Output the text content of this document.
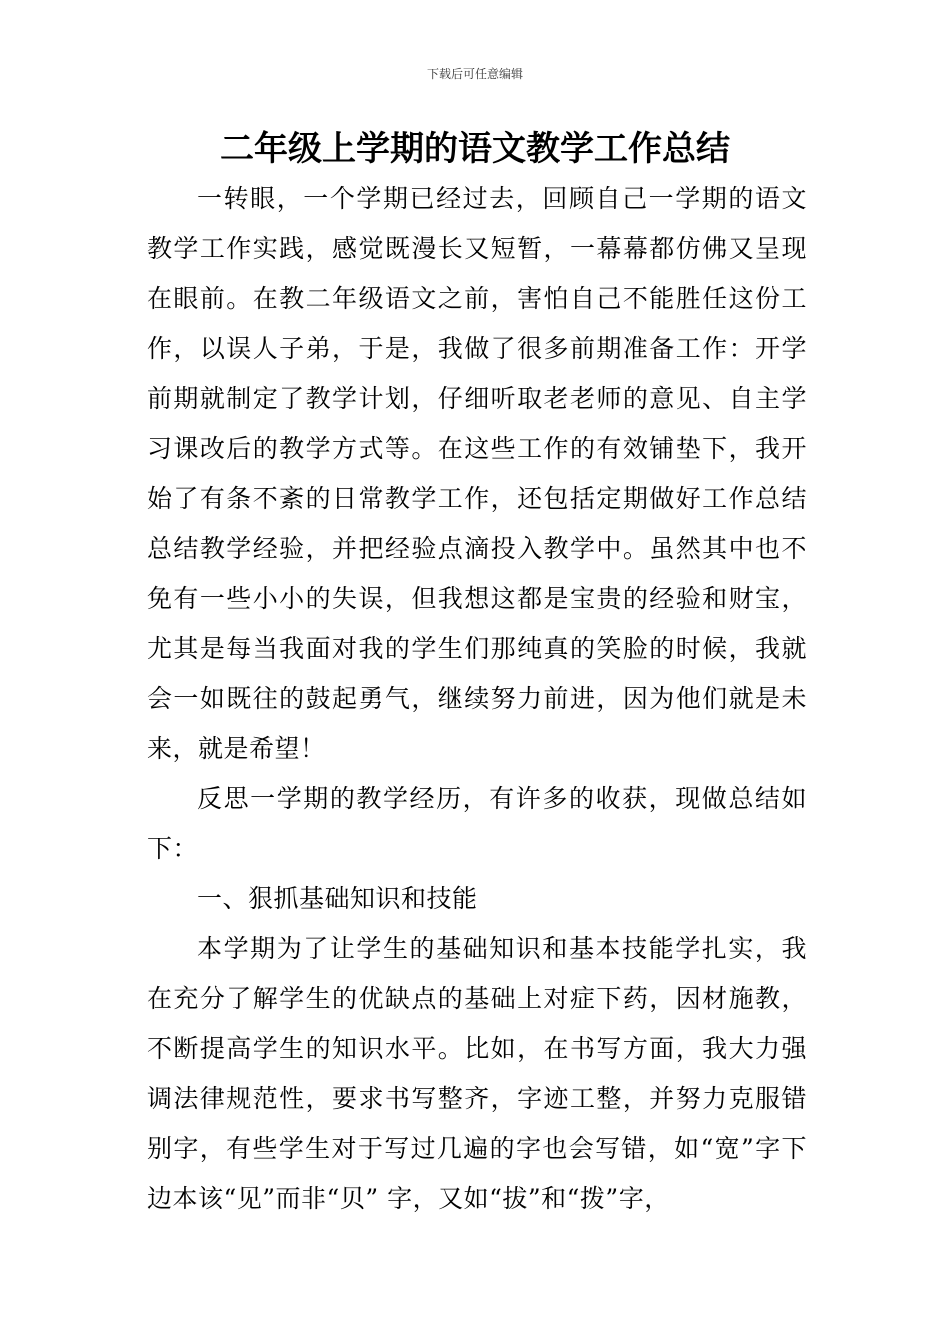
下载后可任意编辑
二年级上学期的语文教学工作总结

一转眼，一个学期已经过去，回顾自己一学期的语文教学工作实践，感觉既漫长又短暂，一幕幕都仿佛又呈现在眼前。在教二年级语文之前，害怕自己不能胜任这份工作，以误人子弟，于是，我做了很多前期准备工作：开学前期就制定了教学计划，仔细听取老老师的意见、自主学习课改后的教学方式等。在这些工作的有效铺垫下，我开始了有条不紊的日常教学工作，还包括定期做好工作总结总结教学经验，并把经验点滴投入教学中。虽然其中也不免有一些小小的失误，但我想这都是宝贵的经验和财宝，尤其是每当我面对我的学生们那纯真的笑脸的时候，我就会一如既往的鼓起勇气，继续努力前进，因为他们就是未来，就是希望！

反思一学期的教学经历，有许多的收获，现做总结如下：

一、狠抓基础知识和技能

本学期为了让学生的基础知识和基本技能学扎实，我在充分了解学生的优缺点的基础上对症下药，因材施教，不断提高学生的知识水平。比如，在书写方面，我大力强调法律规范性，要求书写整齐，字迹工整，并努力克服错别字，有些学生对于写过几遍的字也会写错，如“宽”字下边本该“见”而非“贝” 字，又如“拔”和“拨”字，
